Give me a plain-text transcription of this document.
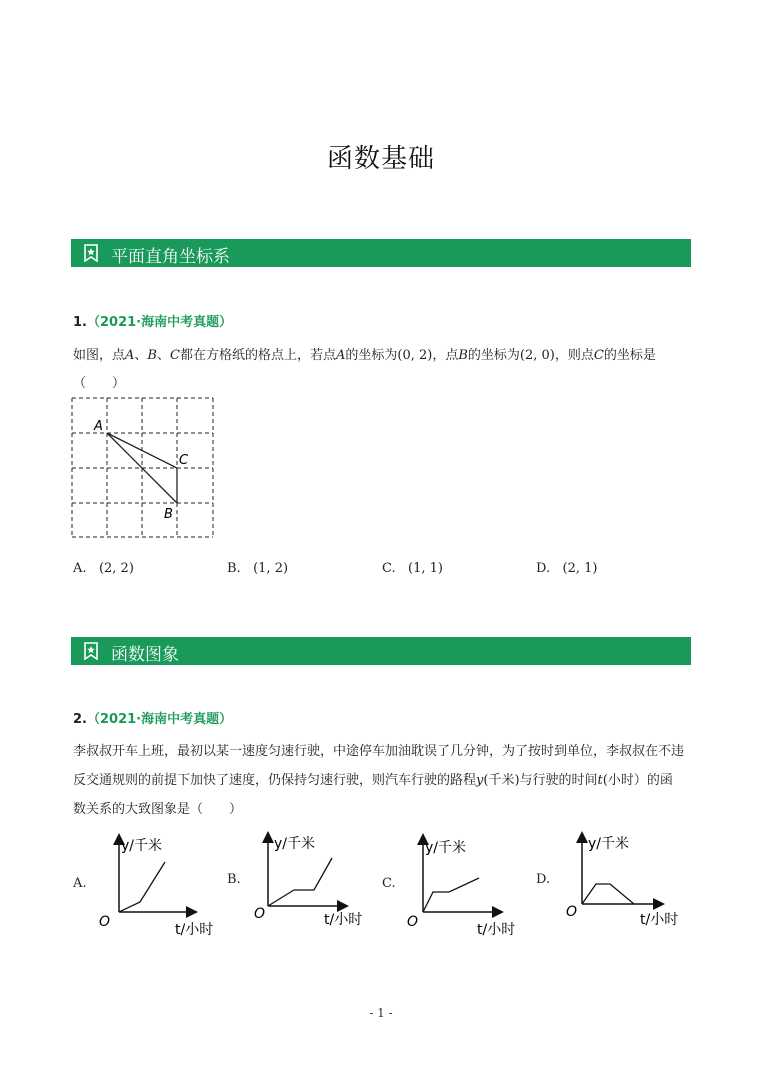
函数基础
平面直角坐标系
1.（2021·海南中考真题）
如图，点A、B、C都在方格纸的格点上，若点A的坐标为(0, 2)，点B的坐标为(2, 0)，则点C的坐标是
（　　）
A
C
B
A. (2, 2)	B. (1, 2)	C. (1, 1)	D. (2, 1)
函数图象
2.（2021·海南中考真题）
李叔叔开车上班，最初以某一速度匀速行驶，中途停车加油耽误了几分钟，为了按时到单位，李叔叔在不违
反交通规则的前提下加快了速度，仍保持匀速行驶，则汽车行驶的路程y(千米)与行驶的时间t(小时）的函
数关系的大致图象是（　　）
A.
y/千米
t/小时
O
B.
y/千米
t/小时
O
C.
y/千米
t/小时
O
D.
y/千米
t/小时
O
- 1 -
